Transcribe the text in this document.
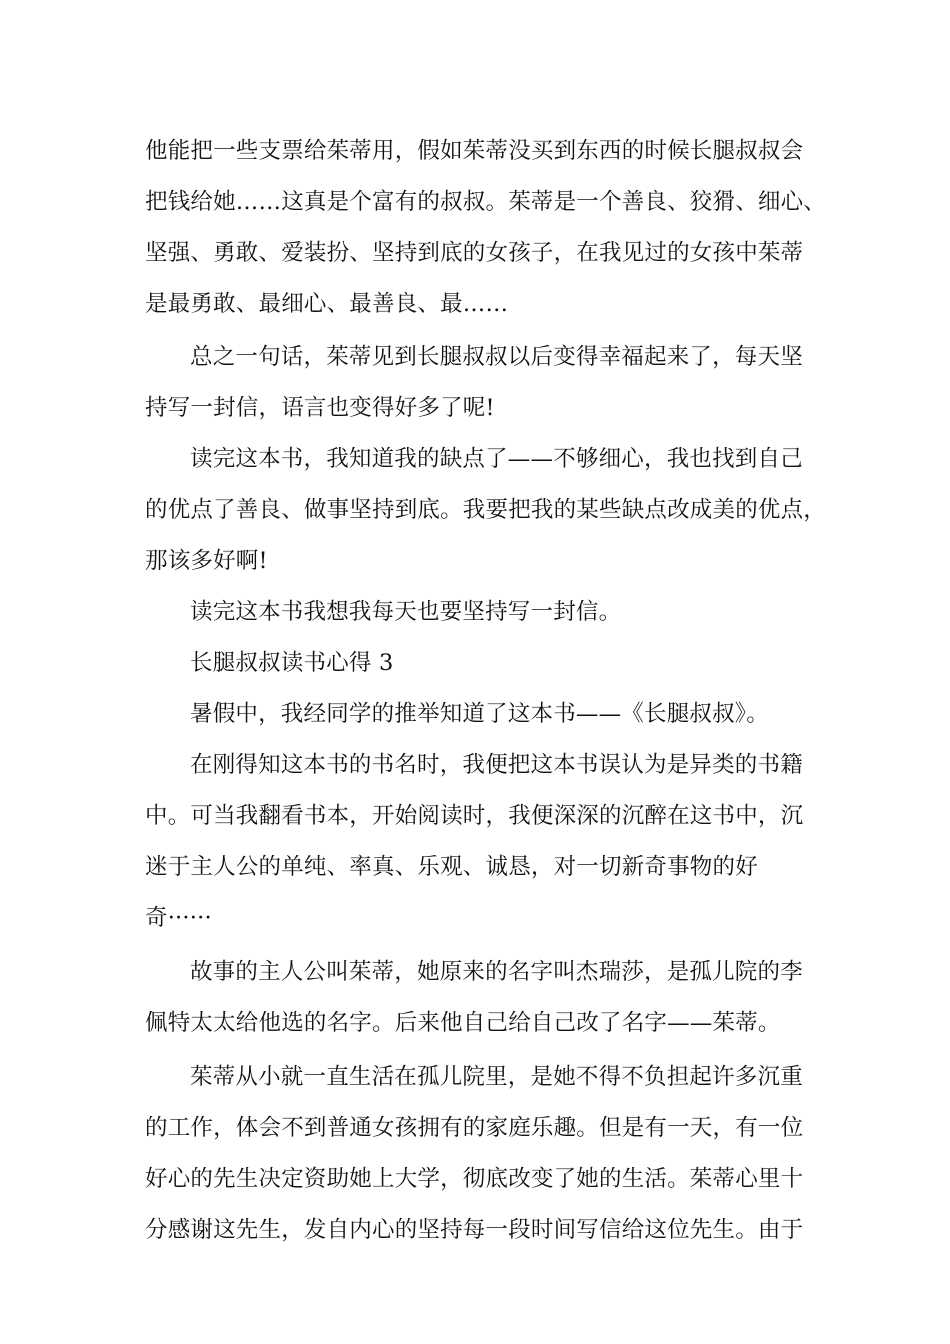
他能把一些支票给茱蒂用，假如茱蒂没买到东西的时候长腿叔叔会
把钱给她……这真是个富有的叔叔。茱蒂是一个善良、狡猾、细心、
坚强、勇敢、爱装扮、坚持到底的女孩子，在我见过的女孩中茱蒂
是最勇敢、最细心、最善良、最……
总之一句话，茱蒂见到长腿叔叔以后变得幸福起来了，每天坚
持写一封信，语言也变得好多了呢!
读完这本书，我知道我的缺点了——不够细心，我也找到自己
的优点了善良、做事坚持到底。我要把我的某些缺点改成美的优点，
那该多好啊!
读完这本书我想我每天也要坚持写一封信。
长腿叔叔读书心得 3
暑假中，我经同学的推举知道了这本书——《长腿叔叔》。
在刚得知这本书的书名时，我便把这本书误认为是异类的书籍
中。可当我翻看书本，开始阅读时，我便深深的沉醉在这书中，沉
迷于主人公的单纯、率真、乐观、诚恳，对一切新奇事物的好
奇······
故事的主人公叫茱蒂，她原来的名字叫杰瑞莎，是孤儿院的李
佩特太太给他选的名字。后来他自己给自己改了名字——茱蒂。
茱蒂从小就一直生活在孤儿院里，是她不得不负担起许多沉重
的工作，体会不到普通女孩拥有的家庭乐趣。但是有一天，有一位
好心的先生决定资助她上大学，彻底改变了她的生活。茱蒂心里十
分感谢这先生，发自内心的坚持每一段时间写信给这位先生。由于
